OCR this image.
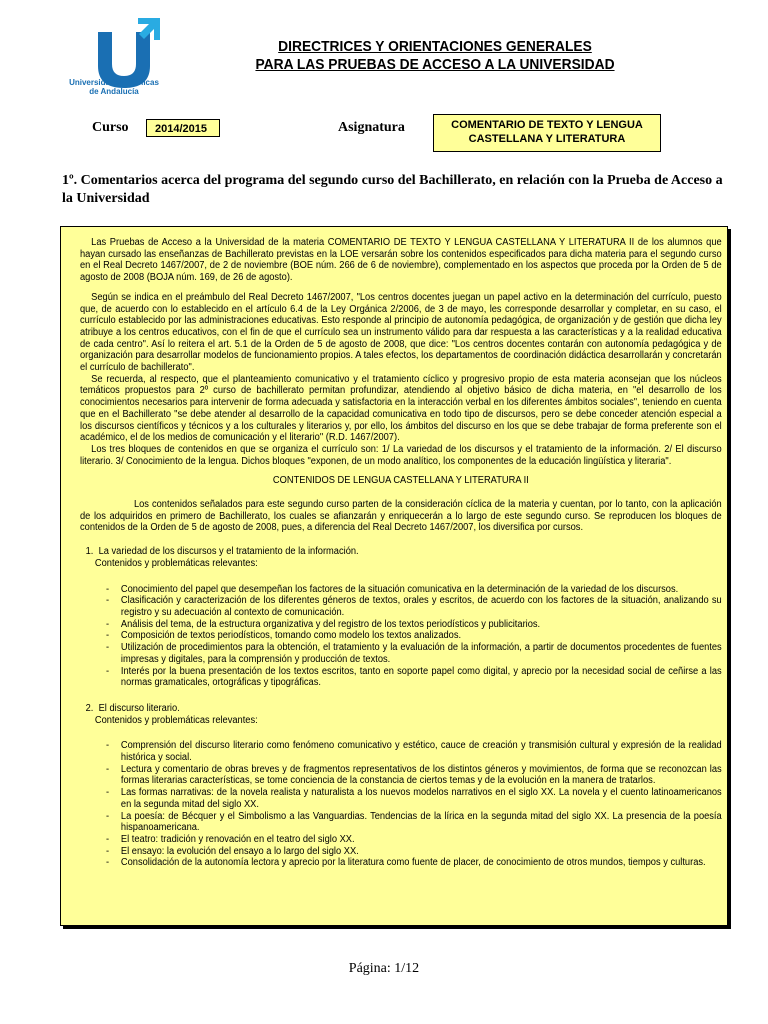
Universidades Públicas de Andalucía
DIRECTRICES Y ORIENTACIONES GENERALES
PARA LAS PRUEBAS DE ACCESO A LA UNIVERSIDAD
Curso	2014/2015	Asignatura	COMENTARIO DE TEXTO Y LENGUA
CASTELLANA Y LITERATURA
1º. Comentarios acerca del programa del segundo curso del Bachillerato, en relación con la Prueba de Acceso a la Universidad

Las Pruebas de Acceso a la Universidad de la materia COMENTARIO DE TEXTO Y LENGUA CASTELLANA Y LITERATURA II de los alumnos que hayan cursado las enseñanzas de Bachillerato previstas en la LOE versarán sobre los contenidos especificados para dicha materia para el segundo curso en el Real Decreto 1467/2007, de 2 de noviembre (BOE núm. 266 de 6 de noviembre), complementado en los aspectos que proceda por la Orden de 5 de agosto de 2008 (BOJA núm. 169, de 26 de agosto).

Según se indica en el preámbulo del Real Decreto 1467/2007, "Los centros docentes juegan un papel activo en la determinación del currículo, puesto que, de acuerdo con lo establecido en el artículo 6.4 de la Ley Orgánica 2/2006, de 3 de mayo, les corresponde desarrollar y completar, en su caso, el currículo establecido por las administraciones educativas. Esto responde al principio de autonomía pedagógica, de organización y de gestión que dicha ley atribuye a los centros educativos, con el fin de que el currículo sea un instrumento válido para dar respuesta a las características y a la realidad educativa de cada centro". Así lo reitera el art. 5.1 de la Orden de 5 de agosto de 2008, que dice: "Los centros docentes contarán con autonomía pedagógica y de organización para desarrollar modelos de funcionamiento propios. A tales efectos, los departamentos de coordinación didáctica desarrollarán y concretarán el currículo de bachillerato".

Se recuerda, al respecto, que el planteamiento comunicativo y el tratamiento cíclico y progresivo propio de esta materia aconsejan que los núcleos temáticos propuestos para 2º curso de bachillerato permitan profundizar, atendiendo al objetivo básico de dicha materia, en "el desarrollo de los conocimientos necesarios para intervenir de forma adecuada y satisfactoria en la interacción verbal en los diferentes ámbitos sociales", teniendo en cuenta que en el Bachillerato "se debe atender al desarrollo de la capacidad comunicativa en todo tipo de discursos, pero se debe conceder atención especial a los discursos científicos y técnicos y a los culturales y literarios y, por ello, los ámbitos del discurso en los que se debe trabajar de forma preferente son el académico, el de los medios de comunicación y el literario" (R.D. 1467/2007).

Los tres bloques de contenidos en que se organiza el currículo son: 1/ La variedad de los discursos y el tratamiento de la información. 2/ El discurso literario. 3/ Conocimiento de la lengua. Dichos bloques "exponen, de un modo analítico, los componentes de la educación lingüística y literaria".

CONTENIDOS DE LENGUA CASTELLANA Y LITERATURA II

Los contenidos señalados para este segundo curso parten de la consideración cíclica de la materia y cuentan, por lo tanto, con la aplicación de los adquiridos en primero de Bachillerato, los cuales se afianzarán y enriquecerán a lo largo de este segundo curso. Se reproducen los bloques de contenidos de la Orden de 5 de agosto de 2008, pues, a diferencia del Real Decreto 1467/2007, los diversifica por cursos.

1. La variedad de los discursos y el tratamiento de la información.
Contenidos y problemáticas relevantes:
- Conocimiento del papel que desempeñan los factores de la situación comunicativa en la determinación de la variedad de los discursos.
- Clasificación y caracterización de los diferentes géneros de textos, orales y escritos, de acuerdo con los factores de la situación, analizando su registro y su adecuación al contexto de comunicación.
- Análisis del tema, de la estructura organizativa y del registro de los textos periodísticos y publicitarios.
- Composición de textos periodísticos, tomando como modelo los textos analizados.
- Utilización de procedimientos para la obtención, el tratamiento y la evaluación de la información, a partir de documentos procedentes de fuentes impresas y digitales, para la comprensión y producción de textos.
- Interés por la buena presentación de los textos escritos, tanto en soporte papel como digital, y aprecio por la necesidad social de ceñirse a las normas gramaticales, ortográficas y tipográficas.
2. El discurso literario.
Contenidos y problemáticas relevantes:
- Comprensión del discurso literario como fenómeno comunicativo y estético, cauce de creación y transmisión cultural y expresión de la realidad histórica y social.
- Lectura y comentario de obras breves y de fragmentos representativos de los distintos géneros y movimientos, de forma que se reconozcan las formas literarias características, se tome conciencia de la constancia de ciertos temas y de la evolución en la manera de tratarlos.
- Las formas narrativas: de la novela realista y naturalista a los nuevos modelos narrativos en el siglo XX. La novela y el cuento latinoamericanos en la segunda mitad del siglo XX.
- La poesía: de Bécquer y el Simbolismo a las Vanguardias. Tendencias de la lírica en la segunda mitad del siglo XX. La presencia de la poesía hispanoamericana.
- El teatro: tradición y renovación en el teatro del siglo XX.
- El ensayo: la evolución del ensayo a lo largo del siglo XX.
- Consolidación de la autonomía lectora y aprecio por la literatura como fuente de placer, de conocimiento de otros mundos, tiempos y culturas.
Página: 1/12
